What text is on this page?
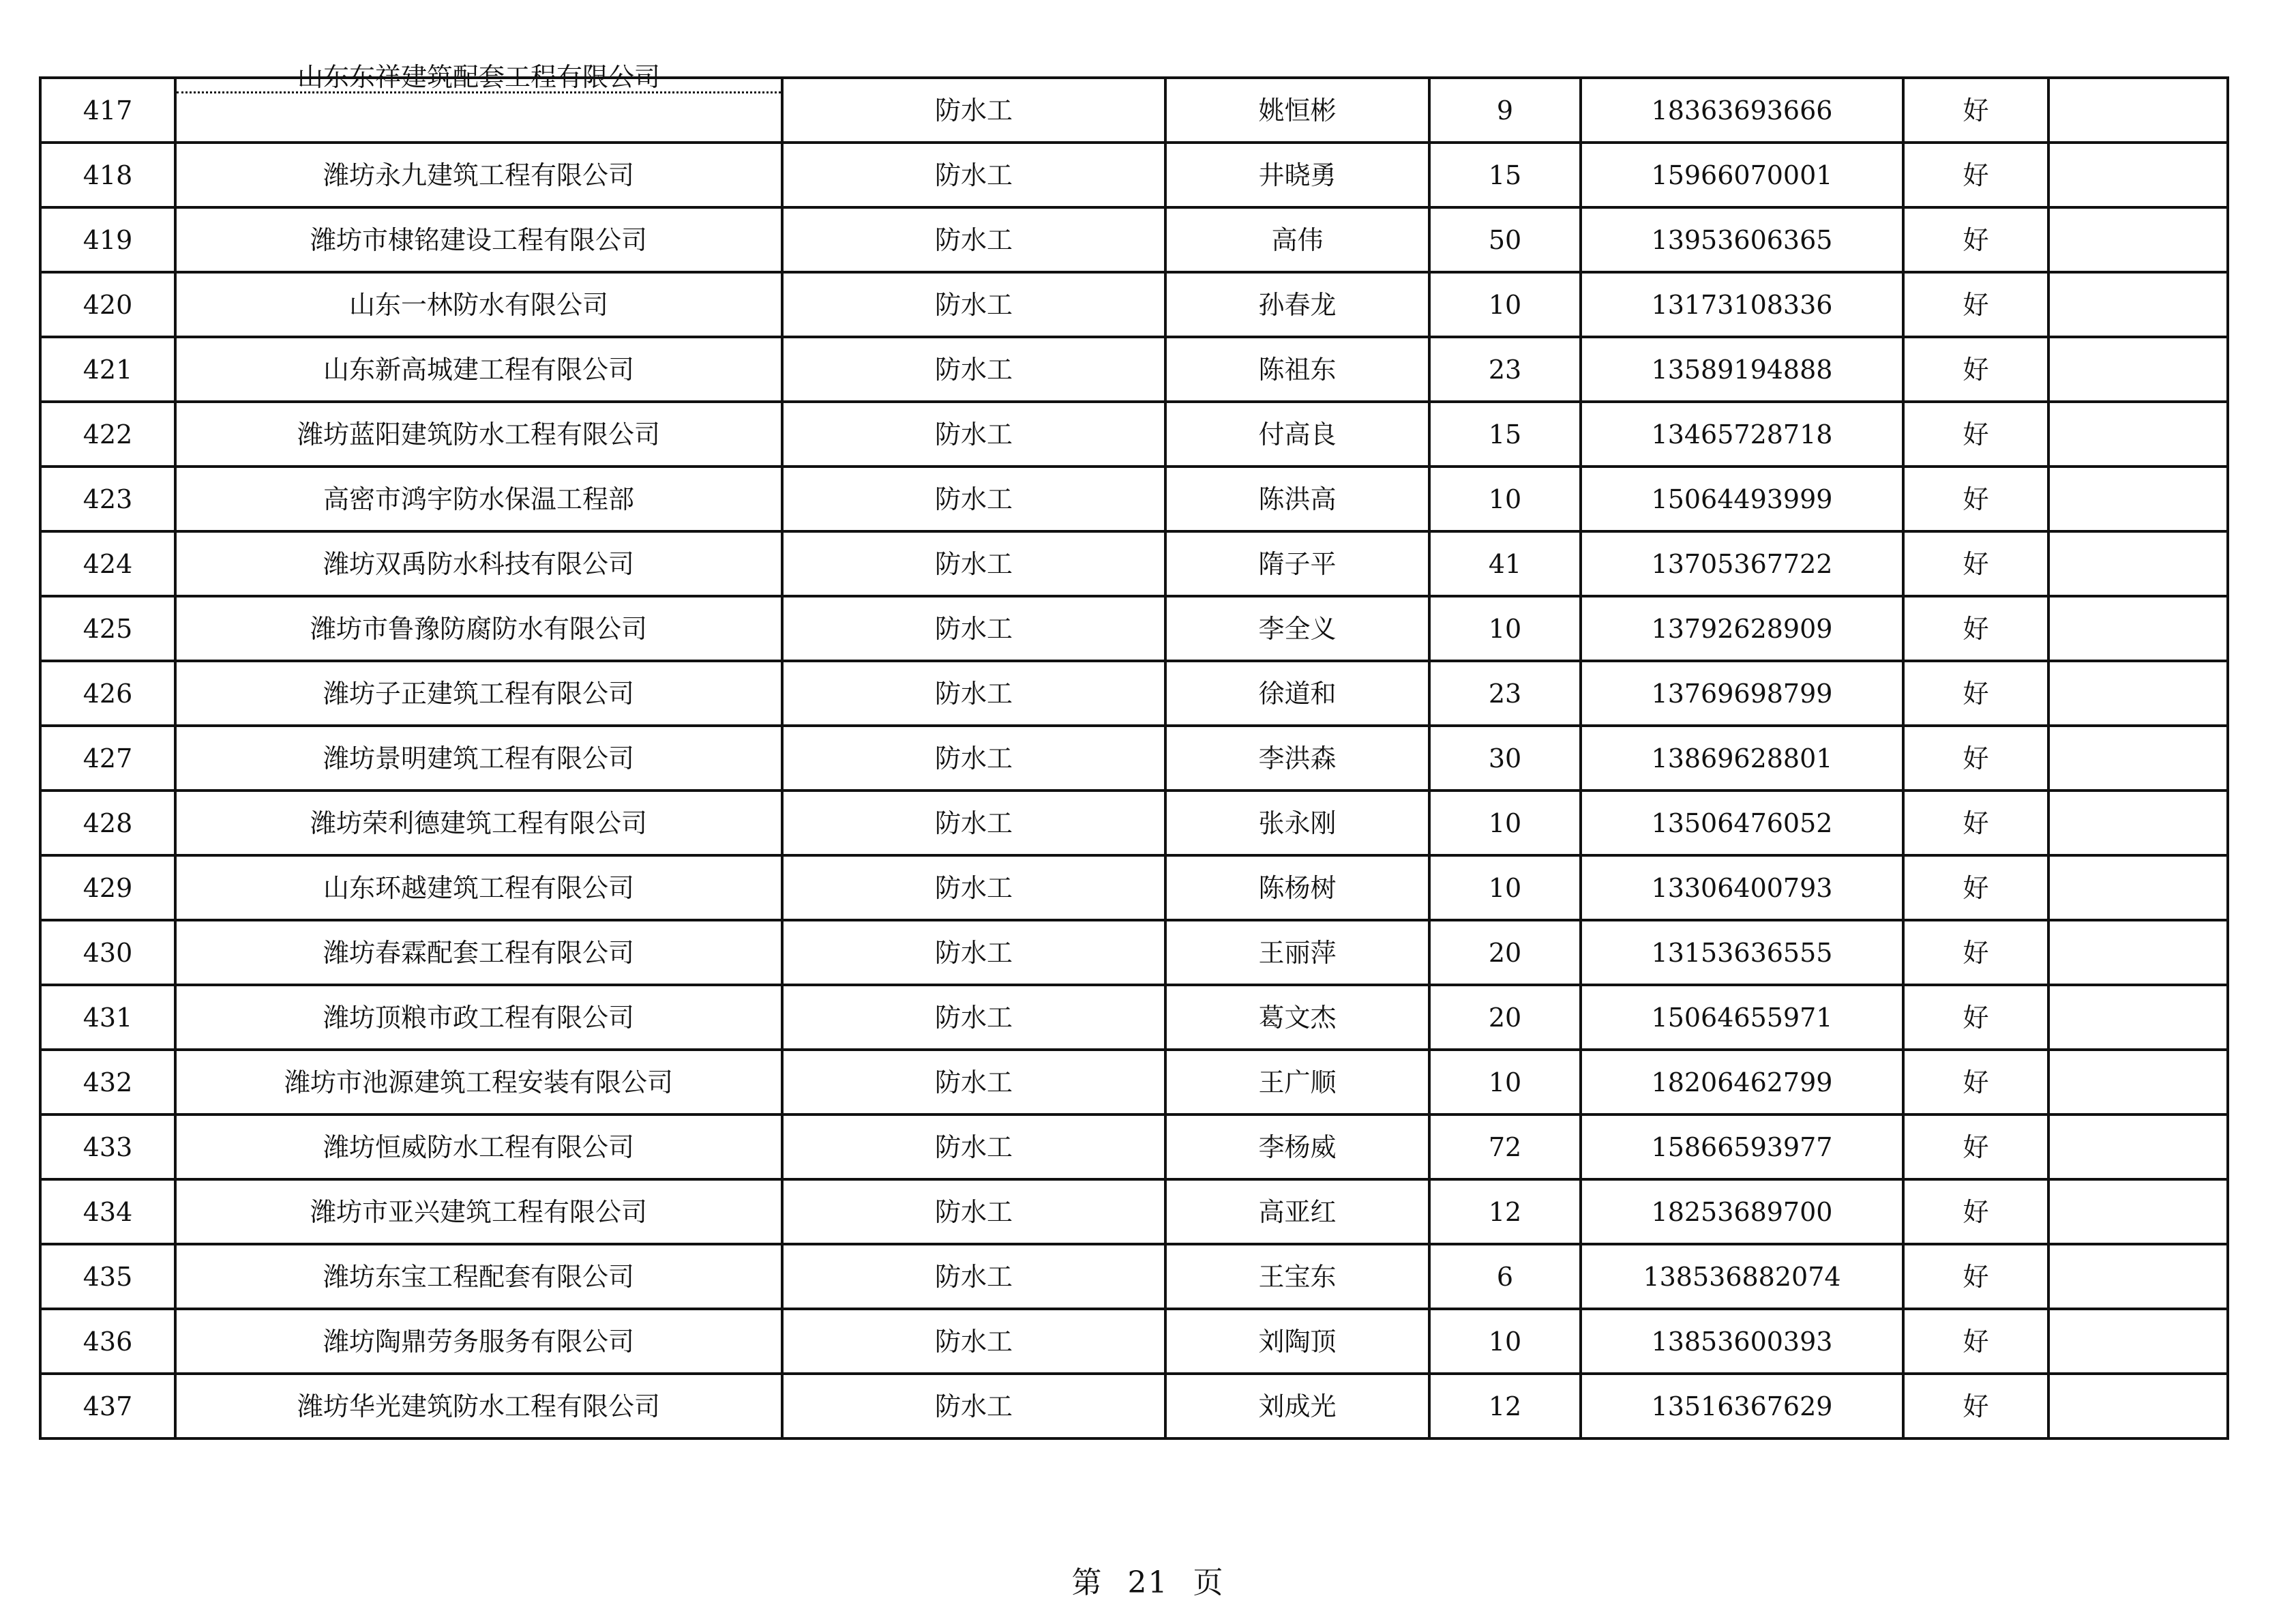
417	山东东祥建筑配套工程有限公司	防水工	姚恒彬	9	18363693666	好	
418	潍坊永九建筑工程有限公司	防水工	井晓勇	15	15966070001	好	
419	潍坊市棣铭建设工程有限公司	防水工	高伟	50	13953606365	好	
420	山东一林防水有限公司	防水工	孙春龙	10	13173108336	好	
421	山东新高城建工程有限公司	防水工	陈祖东	23	13589194888	好	
422	潍坊蓝阳建筑防水工程有限公司	防水工	付高良	15	13465728718	好	
423	高密市鸿宇防水保温工程部	防水工	陈洪高	10	15064493999	好	
424	潍坊双禹防水科技有限公司	防水工	隋子平	41	13705367722	好	
425	潍坊市鲁豫防腐防水有限公司	防水工	李全义	10	13792628909	好	
426	潍坊子正建筑工程有限公司	防水工	徐道和	23	13769698799	好	
427	潍坊景明建筑工程有限公司	防水工	李洪森	30	13869628801	好	
428	潍坊荣利德建筑工程有限公司	防水工	张永刚	10	13506476052	好	
429	山东环越建筑工程有限公司	防水工	陈杨树	10	13306400793	好	
430	潍坊春霖配套工程有限公司	防水工	王丽萍	20	13153636555	好	
431	潍坊顶粮市政工程有限公司	防水工	葛文杰	20	15064655971	好	
432	潍坊市池源建筑工程安装有限公司	防水工	王广顺	10	18206462799	好	
433	潍坊恒威防水工程有限公司	防水工	李杨威	72	15866593977	好	
434	潍坊市亚兴建筑工程有限公司	防水工	高亚红	12	18253689700	好	
435	潍坊东宝工程配套有限公司	防水工	王宝东	6	138536882074	好	
436	潍坊陶鼎劳务服务有限公司	防水工	刘陶顶	10	13853600393	好	
437	潍坊华光建筑防水工程有限公司	防水工	刘成光	12	13516367629	好	
第 21 页
